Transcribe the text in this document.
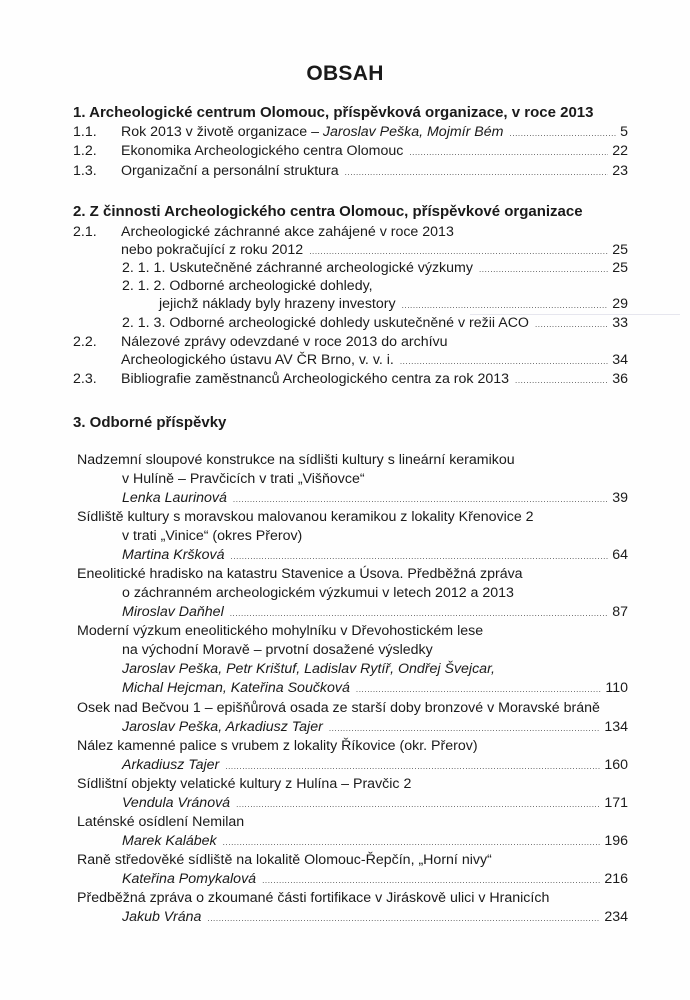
OBSAH
1. Archeologické centrum Olomouc, příspěvková organizace, v roce 2013
1.1. Rok 2013 v životě organizace – Jaroslav Peška, Mojmír Bém .....	5
1.2. Ekonomika Archeologického centra Olomouc .....	22
1.3. Organizační a personální struktura .....	23
2. Z činnosti Archeologického centra Olomouc, příspěvkové organizace
2.1. Archeologické záchranné akce zahájené v roce 2013
nebo pokračující z roku 2012 .....	25
2. 1. 1. Uskutečněné záchranné archeologické výzkumy .....	25
2. 1. 2. Odborné archeologické dohledy,
jejichž náklady byly hrazeny investory .....	29
2. 1. 3. Odborné archeologické dohledy uskutečněné v režii ACO .....	33
2.2. Nálezové zprávy odevzdané v roce 2013 do archívu
Archeologického ústavu AV ČR Brno, v. v. i. .....	34
2.3. Bibliografie zaměstnanců Archeologického centra za rok 2013 .....	36
3. Odborné příspěvky
Nadzemní sloupové konstrukce na sídlišti kultury s lineární keramikou
v Hulíně – Pravčicích v trati „Višňovce“
Lenka Laurinová .....	39
Sídliště kultury s moravskou malovanou keramikou z lokality Křenovice 2
v trati „Vinice“ (okres Přerov)
Martina Kršková .....	64
Eneolitické hradisko na katastru Stavenice a Úsova. Předběžná zpráva
o záchranném archeologickém výzkumui v letech 2012 a 2013
Miroslav Daňhel .....	87
Moderní výzkum eneolitického mohylníku v Dřevohostickém lese
na východní Moravě – prvotní dosažené výsledky
Jaroslav Peška, Petr Krištuf, Ladislav Rytíř, Ondřej Švejcar,
Michal Hejcman, Kateřina Součková .....	110
Osek nad Bečvou 1 – epišňůrová osada ze starší doby bronzové v Moravské bráně
Jaroslav Peška, Arkadiusz Tajer .....	134
Nález kamenné palice s vrubem z lokality Říkovice (okr. Přerov)
Arkadiusz Tajer .....	160
Sídlištní objekty velatické kultury z Hulína – Pravčic 2
Vendula Vránová .....	171
Laténské osídlení Nemilan
Marek Kalábek .....	196
Raně středověké sídliště na lokalitě Olomouc-Řepčín, „Horní nivy“
Kateřina Pomykalová .....	216
Předběžná zpráva o zkoumané části fortifikace v Jiráskově ulici v Hranicích
Jakub Vrána .....	234
